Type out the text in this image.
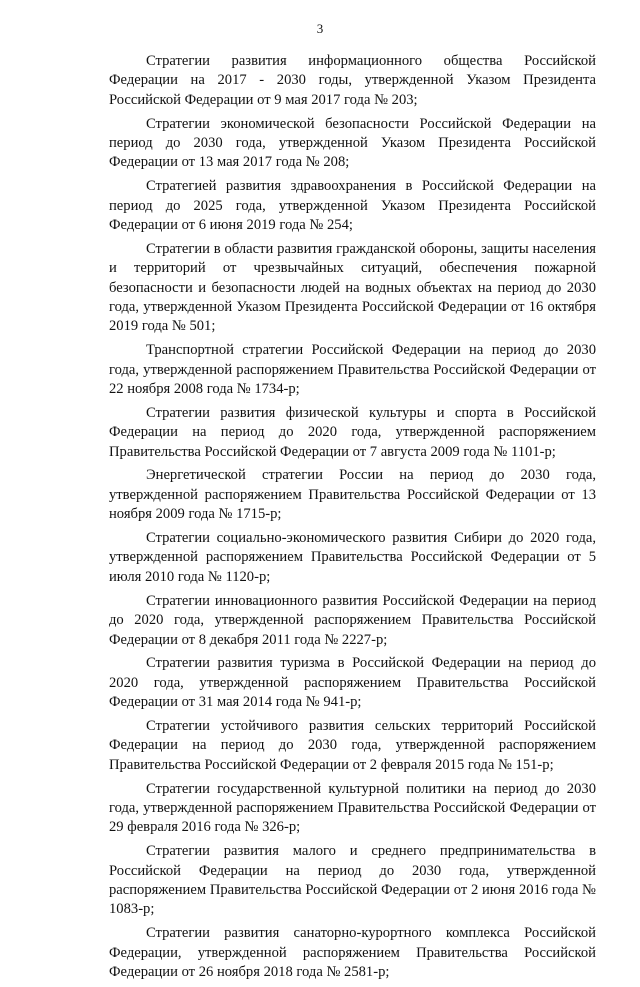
3

Стратегии развития информационного общества Российской Федерации на 2017 - 2030 годы, утвержденной Указом Президента Российской Федерации от 9 мая 2017 года № 203;

Стратегии экономической безопасности Российской Федерации на период до 2030 года, утвержденной Указом Президента Российской Федерации от 13 мая 2017 года № 208;

Стратегией развития здравоохранения в Российской Федерации на период до 2025 года, утвержденной Указом Президента Российской Федерации от 6 июня 2019 года № 254;

Стратегии в области развития гражданской обороны, защиты населения и территорий от чрезвычайных ситуаций, обеспечения пожарной безопасности и безопасности людей на водных объектах на период до 2030 года, утвержденной Указом Президента Российской Федерации от 16 октября 2019 года № 501;

Транспортной стратегии Российской Федерации на период до 2030 года, утвержденной распоряжением Правительства Российской Федерации от 22 ноября 2008 года № 1734-р;

Стратегии развития физической культуры и спорта в Российской Федерации на период до 2020 года, утвержденной распоряжением Правительства Российской Федерации от 7 августа 2009 года № 1101-р;

Энергетической стратегии России на период до 2030 года, утвержденной распоряжением Правительства Российской Федерации от 13 ноября 2009 года № 1715-р;

Стратегии социально-экономического развития Сибири до 2020 года, утвержденной распоряжением Правительства Российской Федерации от 5 июля 2010 года № 1120-р;

Стратегии инновационного развития Российской Федерации на период до 2020 года, утвержденной распоряжением Правительства Российской Федерации от 8 декабря 2011 года № 2227-р;

Стратегии развития туризма в Российской Федерации на период до 2020 года, утвержденной распоряжением Правительства Российской Федерации от 31 мая 2014 года № 941-р;

Стратегии устойчивого развития сельских территорий Российской Федерации на период до 2030 года, утвержденной распоряжением Правительства Российской Федерации от 2 февраля 2015 года № 151-р;

Стратегии государственной культурной политики на период до 2030 года, утвержденной распоряжением Правительства Российской Федерации от 29 февраля 2016 года № 326-р;

Стратегии развития малого и среднего предпринимательства в Российской Федерации на период до 2030 года, утвержденной распоряжением Правительства Российской Федерации от 2 июня 2016 года № 1083-р;

Стратегии развития санаторно-курортного комплекса Российской Федерации, утвержденной распоряжением Правительства Российской Федерации от 26 ноября 2018 года № 2581-р;
